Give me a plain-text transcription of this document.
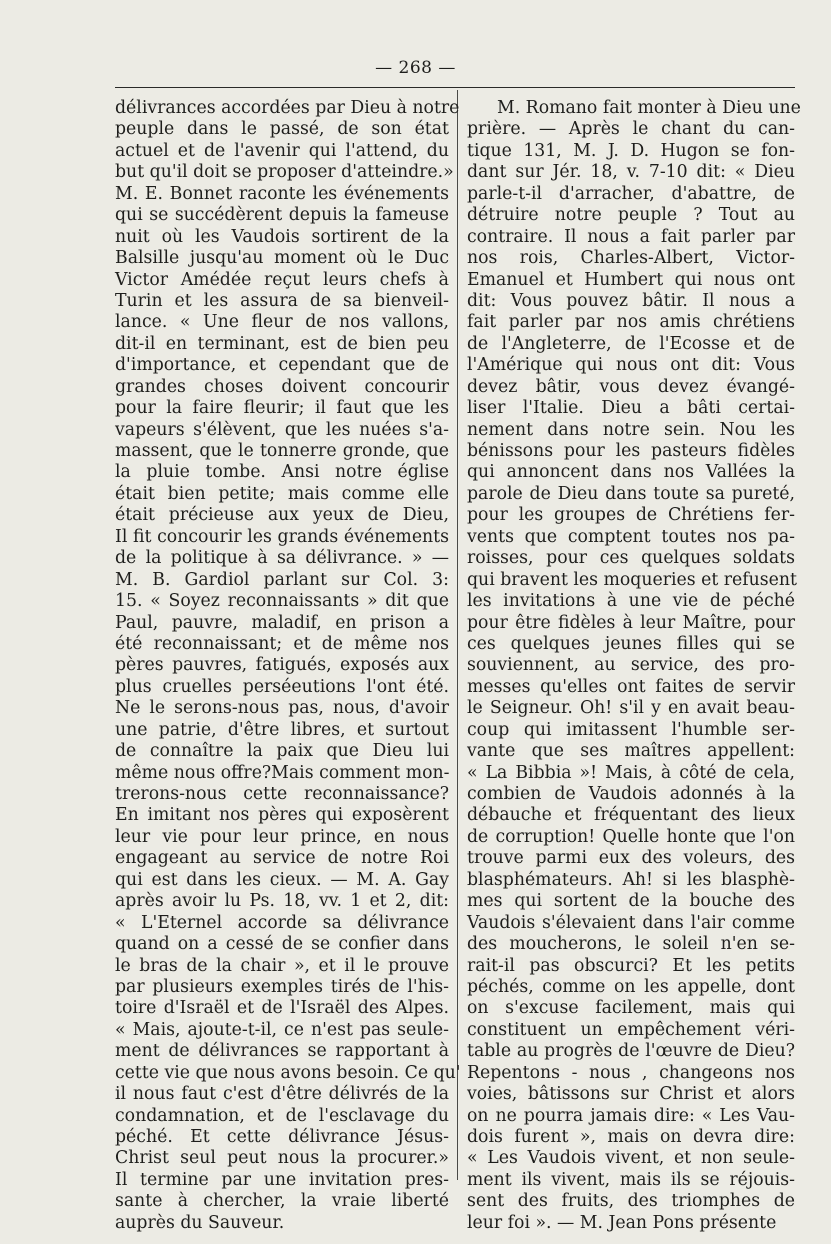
— 268 —
délivrances accordées par Dieu à notre
peuple dans le passé, de son état
actuel et de l'avenir qui l'attend, du
but qu'il doit se proposer d'atteindre.»
M. E. Bonnet raconte les événements
qui se succédèrent depuis la fameuse
nuit où les Vaudois sortirent de la
Balsille jusqu'au moment où le Duc
Victor Amédée reçut leurs chefs à
Turin et les assura de sa bienveil-
lance. « Une fleur de nos vallons,
dit-il en terminant, est de bien peu
d'importance, et cependant que de
grandes choses doivent concourir
pour la faire fleurir; il faut que les
vapeurs s'élèvent, que les nuées s'a-
massent, que le tonnerre gronde, que
la pluie tombe. Ansi notre église
était bien petite; mais comme elle
était précieuse aux yeux de Dieu,
Il fit concourir les grands événements
de la politique à sa délivrance. » —
M. B. Gardiol parlant sur Col. 3:
15. « Soyez reconnaissants » dit que
Paul, pauvre, maladif, en prison a
été reconnaissant; et de même nos
pères pauvres, fatigués, exposés aux
plus cruelles perséeutions l'ont été.
Ne le serons-nous pas, nous, d'avoir
une patrie, d'être libres, et surtout
de connaître la paix que Dieu lui
même nous offre?Mais comment mon-
trerons-nous cette reconnaissance?
En imitant nos pères qui exposèrent
leur vie pour leur prince, en nous
engageant au service de notre Roi
qui est dans les cieux. — M. A. Gay
après avoir lu Ps. 18, vv. 1 et 2, dit:
« L'Eternel accorde sa délivrance
quand on a cessé de se confier dans
le bras de la chair », et il le prouve
par plusieurs exemples tirés de l'his-
toire d'Israël et de l'Israël des Alpes.
« Mais, ajoute-t-il, ce n'est pas seule-
ment de délivrances se rapportant à
cette vie que nous avons besoin. Ce qu'
il nous faut c'est d'être délivrés de la
condamnation, et de l'esclavage du
péché. Et cette délivrance Jésus-
Christ seul peut nous la procurer.»
Il termine par une invitation pres-
sante à chercher, la vraie liberté
auprès du Sauveur.
M. Romano fait monter à Dieu une
prière. — Après le chant du can-
tique 131, M. J. D. Hugon se fon-
dant sur Jér. 18, v. 7-10 dit: « Dieu
parle-t-il d'arracher, d'abattre, de
détruire notre peuple ? Tout au
contraire. Il nous a fait parler par
nos rois, Charles-Albert, Victor-
Emanuel et Humbert qui nous ont
dit: Vous pouvez bâtir. Il nous a
fait parler par nos amis chrétiens
de l'Angleterre, de l'Ecosse et de
l'Amérique qui nous ont dit: Vous
devez bâtir, vous devez évangé-
liser l'Italie. Dieu a bâti certai-
nement dans notre sein. Nou les
bénissons pour les pasteurs fidèles
qui annoncent dans nos Vallées la
parole de Dieu dans toute sa pureté,
pour les groupes de Chrétiens fer-
vents que comptent toutes nos pa-
roisses, pour ces quelques soldats
qui bravent les moqueries et refusent
les invitations à une vie de péché
pour être fidèles à leur Maître, pour
ces quelques jeunes filles qui se
souviennent, au service, des pro-
messes qu'elles ont faites de servir
le Seigneur. Oh! s'il y en avait beau-
coup qui imitassent l'humble ser-
vante que ses maîtres appellent:
« La Bibbia »! Mais, à côté de cela,
combien de Vaudois adonnés à la
débauche et fréquentant des lieux
de corruption! Quelle honte que l'on
trouve parmi eux des voleurs, des
blasphémateurs. Ah! si les blasphè-
mes qui sortent de la bouche des
Vaudois s'élevaient dans l'air comme
des moucherons, le soleil n'en se-
rait-il pas obscurci? Et les petits
péchés, comme on les appelle, dont
on s'excuse facilement, mais qui
constituent un empêchement véri-
table au progrès de l'œuvre de Dieu?
Repentons - nous , changeons nos
voies, bâtissons sur Christ et alors
on ne pourra jamais dire: « Les Vau-
dois furent », mais on devra dire:
« Les Vaudois vivent, et non seule-
ment ils vivent, mais ils se réjouis-
sent des fruits, des triomphes de
leur foi ». — M. Jean Pons présente
